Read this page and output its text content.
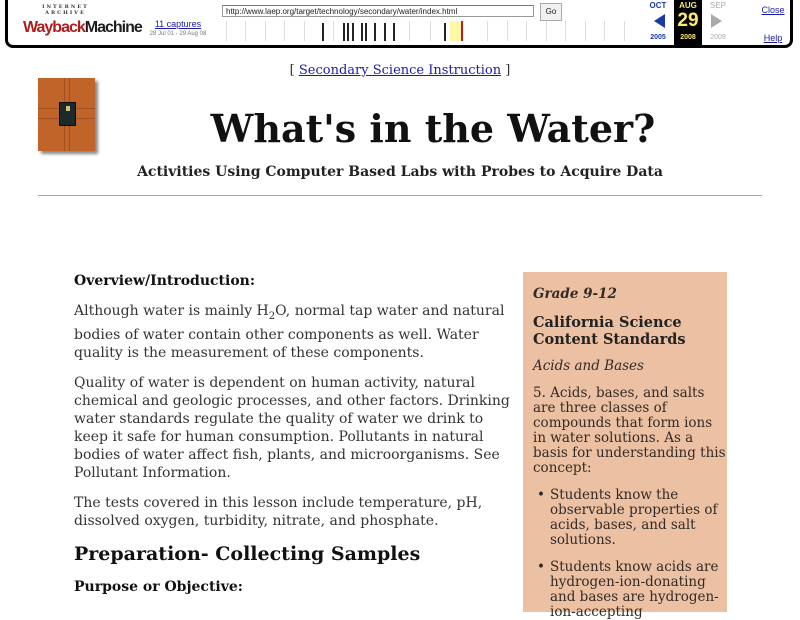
INTERNET ARCHIVE
WaybackMachine	11 captures
28 Jul 01 - 29 Aug 08
http://www.laep.org/target/technology/secondary/water/index.html	Go
OCT
2005
AUG
29
2008
SEP
2009
Close
Help
[ Secondary Science Instruction ]
What's in the Water?
Activities Using Computer Based Labs with Probes to Acquire Data
Overview/Introduction:

Although water is mainly $H_2O$, normal tap water and natural bodies of water contain other components as well. Water quality is the measurement of these components.

Quality of water is dependent on human activity, natural chemical and geologic processes, and other factors. Drinking water standards regulate the quality of water we drink to keep it safe for human consumption. Pollutants in natural bodies of water affect fish, plants, and microorganisms. See Pollutant Information.

The tests covered in this lesson include temperature, pH, dissolved oxygen, turbidity, nitrate, and phosphate.

Preparation- Collecting Samples
Purpose or Objective:
Grade 9-12
California Science Content Standards
Acids and Bases

5. Acids, bases, and salts are three classes of compounds that form ions in water solutions. As a basis for understanding this concept:

• Students know the observable properties of acids, bases, and salt solutions.
• Students know acids are hydrogen-ion-donating and bases are hydrogen-ion-accepting
